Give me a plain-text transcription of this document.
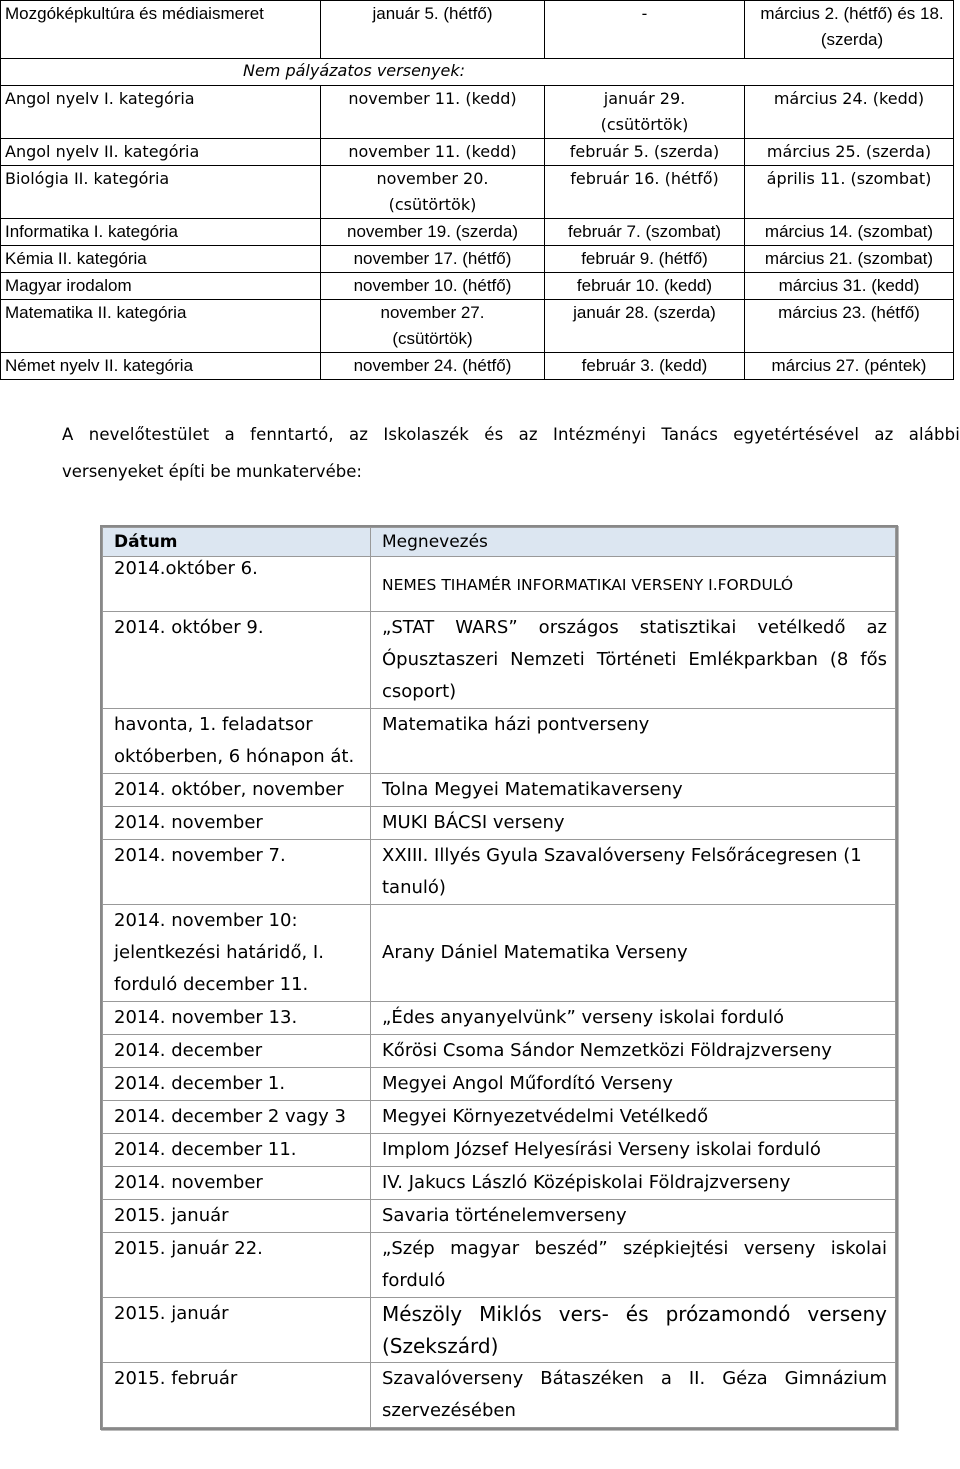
Mozgóképkultúra és médiaismeret	január 5. (hétfő)	-	március 2. (hétfő) és 18. (szerda)
Nem pályázatos versenyek:			
Angol nyelv I. kategória	november 11. (kedd)	január 29. (csütörtök)	március 24. (kedd)
Angol nyelv II. kategória	november 11. (kedd)	február 5. (szerda)	március 25. (szerda)
Biológia II. kategória	november 20. (csütörtök)	február 16. (hétfő)	április 11. (szombat)
Informatika I. kategória	november 19. (szerda)	február 7. (szombat)	március 14. (szombat)
Kémia II. kategória	november 17. (hétfő)	február 9. (hétfő)	március 21. (szombat)
Magyar irodalom	november 10. (hétfő)	február 10. (kedd)	március 31. (kedd)
Matematika II. kategória	november 27. (csütörtök)	január 28. (szerda)	március 23. (hétfő)
Német nyelv II. kategória	november 24. (hétfő)	február 3. (kedd)	március 27. (péntek)
A nevelőtestület a fenntartó, az Iskolaszék és az Intézményi Tanács egyetértésével az alábbi
versenyeket építi be munkatervébe:
Dátum	Megnevezés
2014.október 6.	NEMES TIHAMÉR INFORMATIKAI VERSENY I.FORDULÓ
2014. október 9.	„STAT WARS” országos statisztikai vetélkedő az Ópusztaszeri Nemzeti Történeti Emlékparkban (8 fős csoport)
havonta, 1. feladatsor októberben, 6 hónapon át.	Matematika házi pontverseny
2014. október, november	Tolna Megyei Matematikaverseny
2014. november	MUKI BÁCSI verseny
2014. november 7.	XXIII. Illyés Gyula Szavalóverseny Felsőrácegresen (1 tanuló)
2014. november 10: jelentkezési határidő, I. forduló december 11.	Arany Dániel Matematika Verseny
2014. november 13.	„Édes anyanyelvünk” verseny iskolai forduló
2014. december	Kőrösi Csoma Sándor Nemzetközi Földrajzverseny
2014. december 1.	Megyei Angol Műfordító Verseny
2014. december 2 vagy 3	Megyei Környezetvédelmi Vetélkedő
2014. december 11.	Implom József Helyesírási Verseny iskolai forduló
2014. november	IV. Jakucs László Középiskolai Földrajzverseny
2015. január	Savaria történelemverseny
2015. január 22.	„Szép magyar beszéd” szépkiejtési verseny iskolai forduló
2015. január	Mészöly Miklós vers- és prózamondó verseny (Szekszárd)
2015. február	Szavalóverseny Bátaszéken a II. Géza Gimnázium szervezésében
